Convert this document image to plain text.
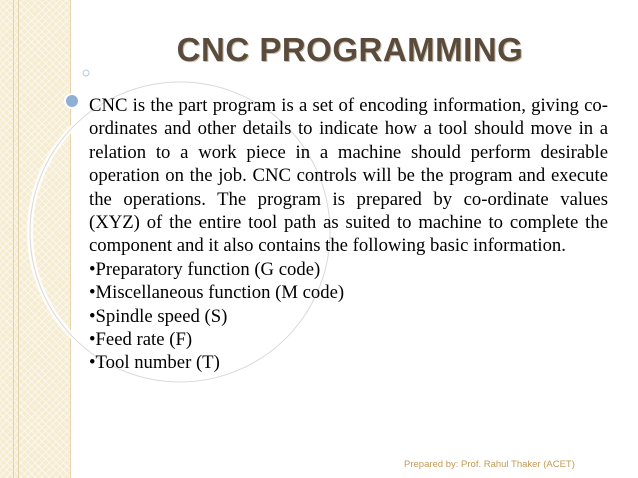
CNC PROGRAMMING

CNC is the part program is a set of encoding information, giving co-ordinates and other details to indicate how a tool should move in a relation to a work piece in a machine should perform desirable operation on the job. CNC controls will be the program and execute the operations. The program is prepared by co-ordinate values (XYZ) of the entire tool path as suited to machine to complete the component and it also contains the following basic information.

•Preparatory function (G code)
•Miscellaneous function (M code)
•Spindle speed (S)
•Feed rate (F)
•Tool number (T)
Prepared by: Prof. Rahul Thaker (ACET)
